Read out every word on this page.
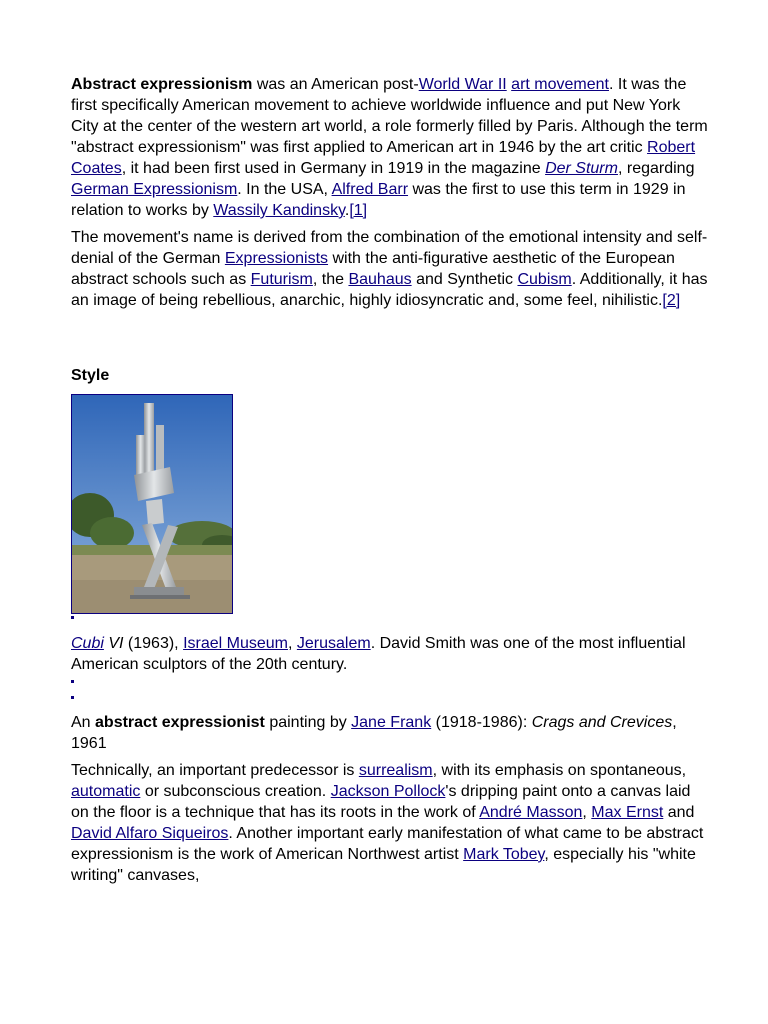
Abstract expressionism was an American post-World War II art movement. It was the first specifically American movement to achieve worldwide influence and put New York City at the center of the western art world, a role formerly filled by Paris. Although the term "abstract expressionism" was first applied to American art in 1946 by the art critic Robert Coates, it had been first used in Germany in 1919 in the magazine Der Sturm, regarding German Expressionism. In the USA, Alfred Barr was the first to use this term in 1929 in relation to works by Wassily Kandinsky.[1]

The movement's name is derived from the combination of the emotional intensity and self-denial of the German Expressionists with the anti-figurative aesthetic of the European abstract schools such as Futurism, the Bauhaus and Synthetic Cubism. Additionally, it has an image of being rebellious, anarchic, highly idiosyncratic and, some feel, nihilistic.[2]

Style

Cubi VI (1963), Israel Museum, Jerusalem. David Smith was one of the most influential American sculptors of the 20th century.

An abstract expressionist painting by Jane Frank (1918-1986): Crags and Crevices, 1961

Technically, an important predecessor is surrealism, with its emphasis on spontaneous, automatic or subconscious creation. Jackson Pollock's dripping paint onto a canvas laid on the floor is a technique that has its roots in the work of André Masson, Max Ernst and David Alfaro Siqueiros. Another important early manifestation of what came to be abstract expressionism is the work of American Northwest artist Mark Tobey, especially his "white writing" canvases,
